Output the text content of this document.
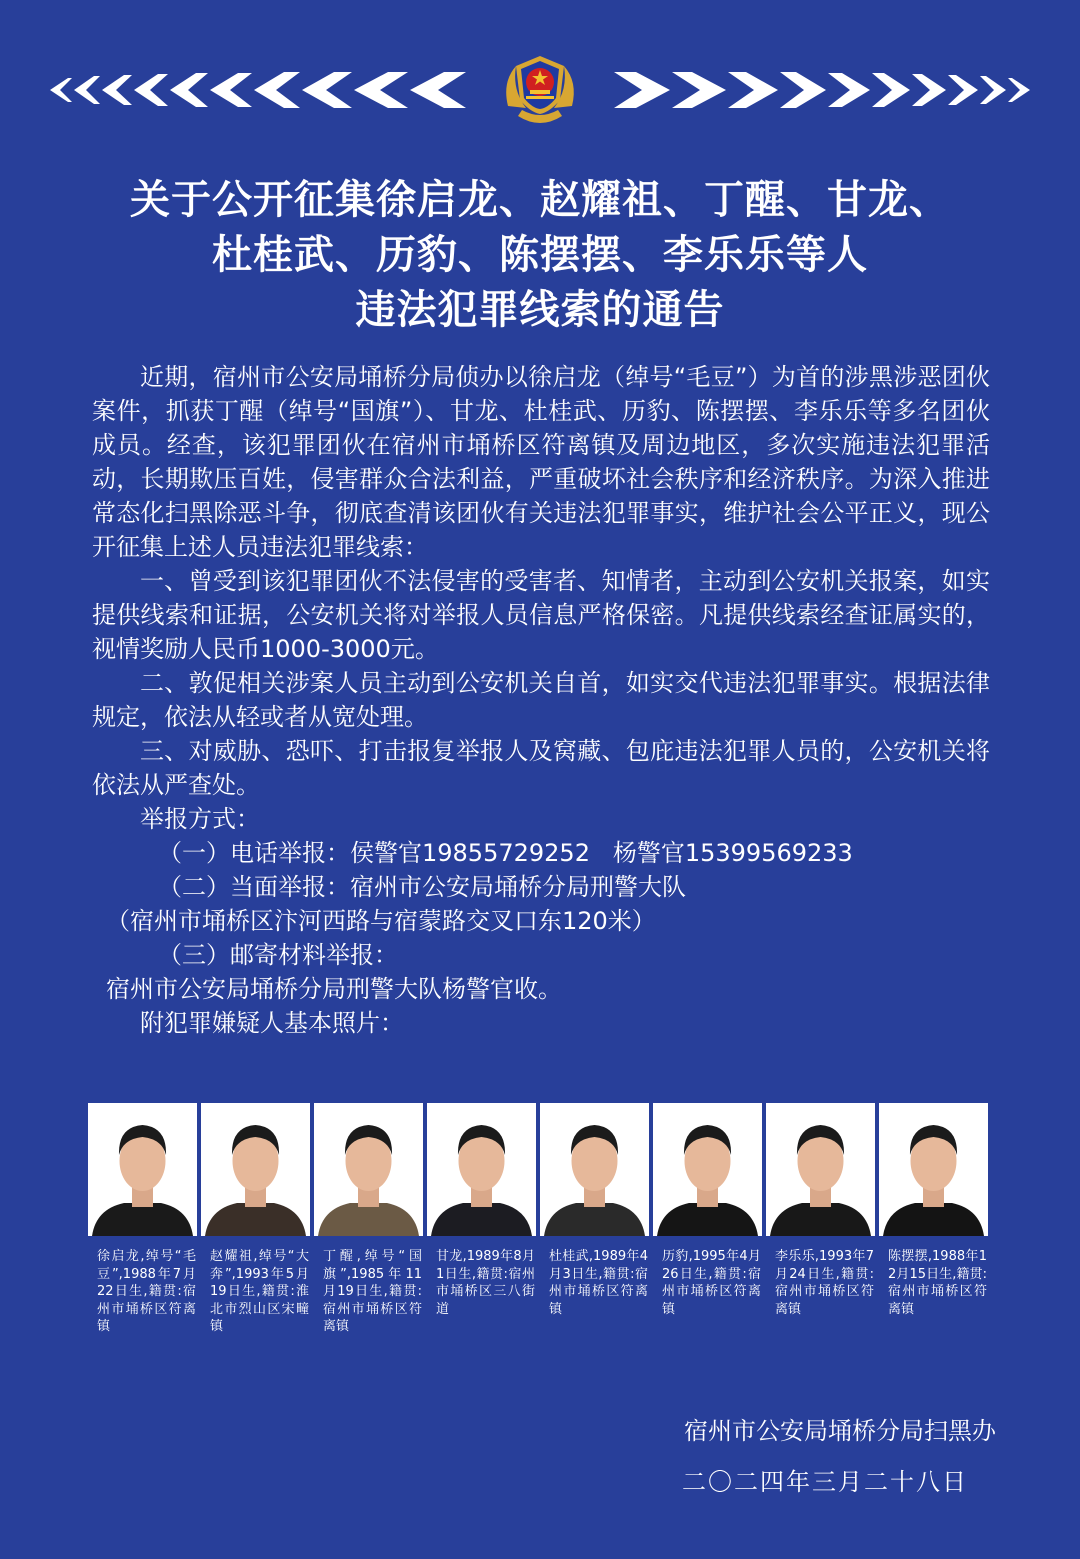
关于公开征集徐启龙、赵耀祖、丁醒、甘龙、
杜桂武、历豹、陈摆摆、李乐乐等人
违法犯罪线索的通告
近期，宿州市公安局埇桥分局侦办以徐启龙（绰号“毛豆”）为首的涉黑涉恶团伙案件，抓获丁醒（绰号“国旗”）、甘龙、杜桂武、历豹、陈摆摆、李乐乐等多名团伙成员。经查，该犯罪团伙在宿州市埇桥区符离镇及周边地区，多次实施违法犯罪活动，长期欺压百姓，侵害群众合法利益，严重破坏社会秩序和经济秩序。为深入推进常态化扫黑除恶斗争，彻底查清该团伙有关违法犯罪事实，维护社会公平正义，现公开征集上述人员违法犯罪线索：
一、曾受到该犯罪团伙不法侵害的受害者、知情者，主动到公安机关报案，如实提供线索和证据，公安机关将对举报人员信息严格保密。凡提供线索经查证属实的，视情奖励人民币1000-3000元。
二、敦促相关涉案人员主动到公安机关自首，如实交代违法犯罪事实。根据法律规定，依法从轻或者从宽处理。
三、对威胁、恐吓、打击报复举报人及窝藏、包庇违法犯罪人员的，公安机关将依法从严查处。
举报方式：
（一）电话举报：侯警官19855729252   杨警官15399569233
（二）当面举报：宿州市公安局埇桥分局刑警大队
（宿州市埇桥区汴河西路与宿蒙路交叉口东120米）
（三）邮寄材料举报：
宿州市公安局埇桥分局刑警大队杨警官收。
附犯罪嫌疑人基本照片：
徐启龙,绰号“毛豆”,1988年7月22日生,籍贯:宿州市埇桥区符离镇
赵耀祖,绰号“大奔”,1993年5月19日生,籍贯:淮北市烈山区宋疃镇
丁醒,绰号“国旗”,1985年11月19日生,籍贯:宿州市埇桥区符离镇
甘龙,1989年8月1日生,籍贯:宿州市埇桥区三八街道
杜桂武,1989年4月3日生,籍贯:宿州市埇桥区符离镇
历豹,1995年4月26日生,籍贯:宿州市埇桥区符离镇
李乐乐,1993年7月24日生,籍贯:宿州市埇桥区符离镇
陈摆摆,1988年12月15日生,籍贯:宿州市埇桥区符离镇
宿州市公安局埇桥分局扫黑办
二〇二四年三月二十八日
